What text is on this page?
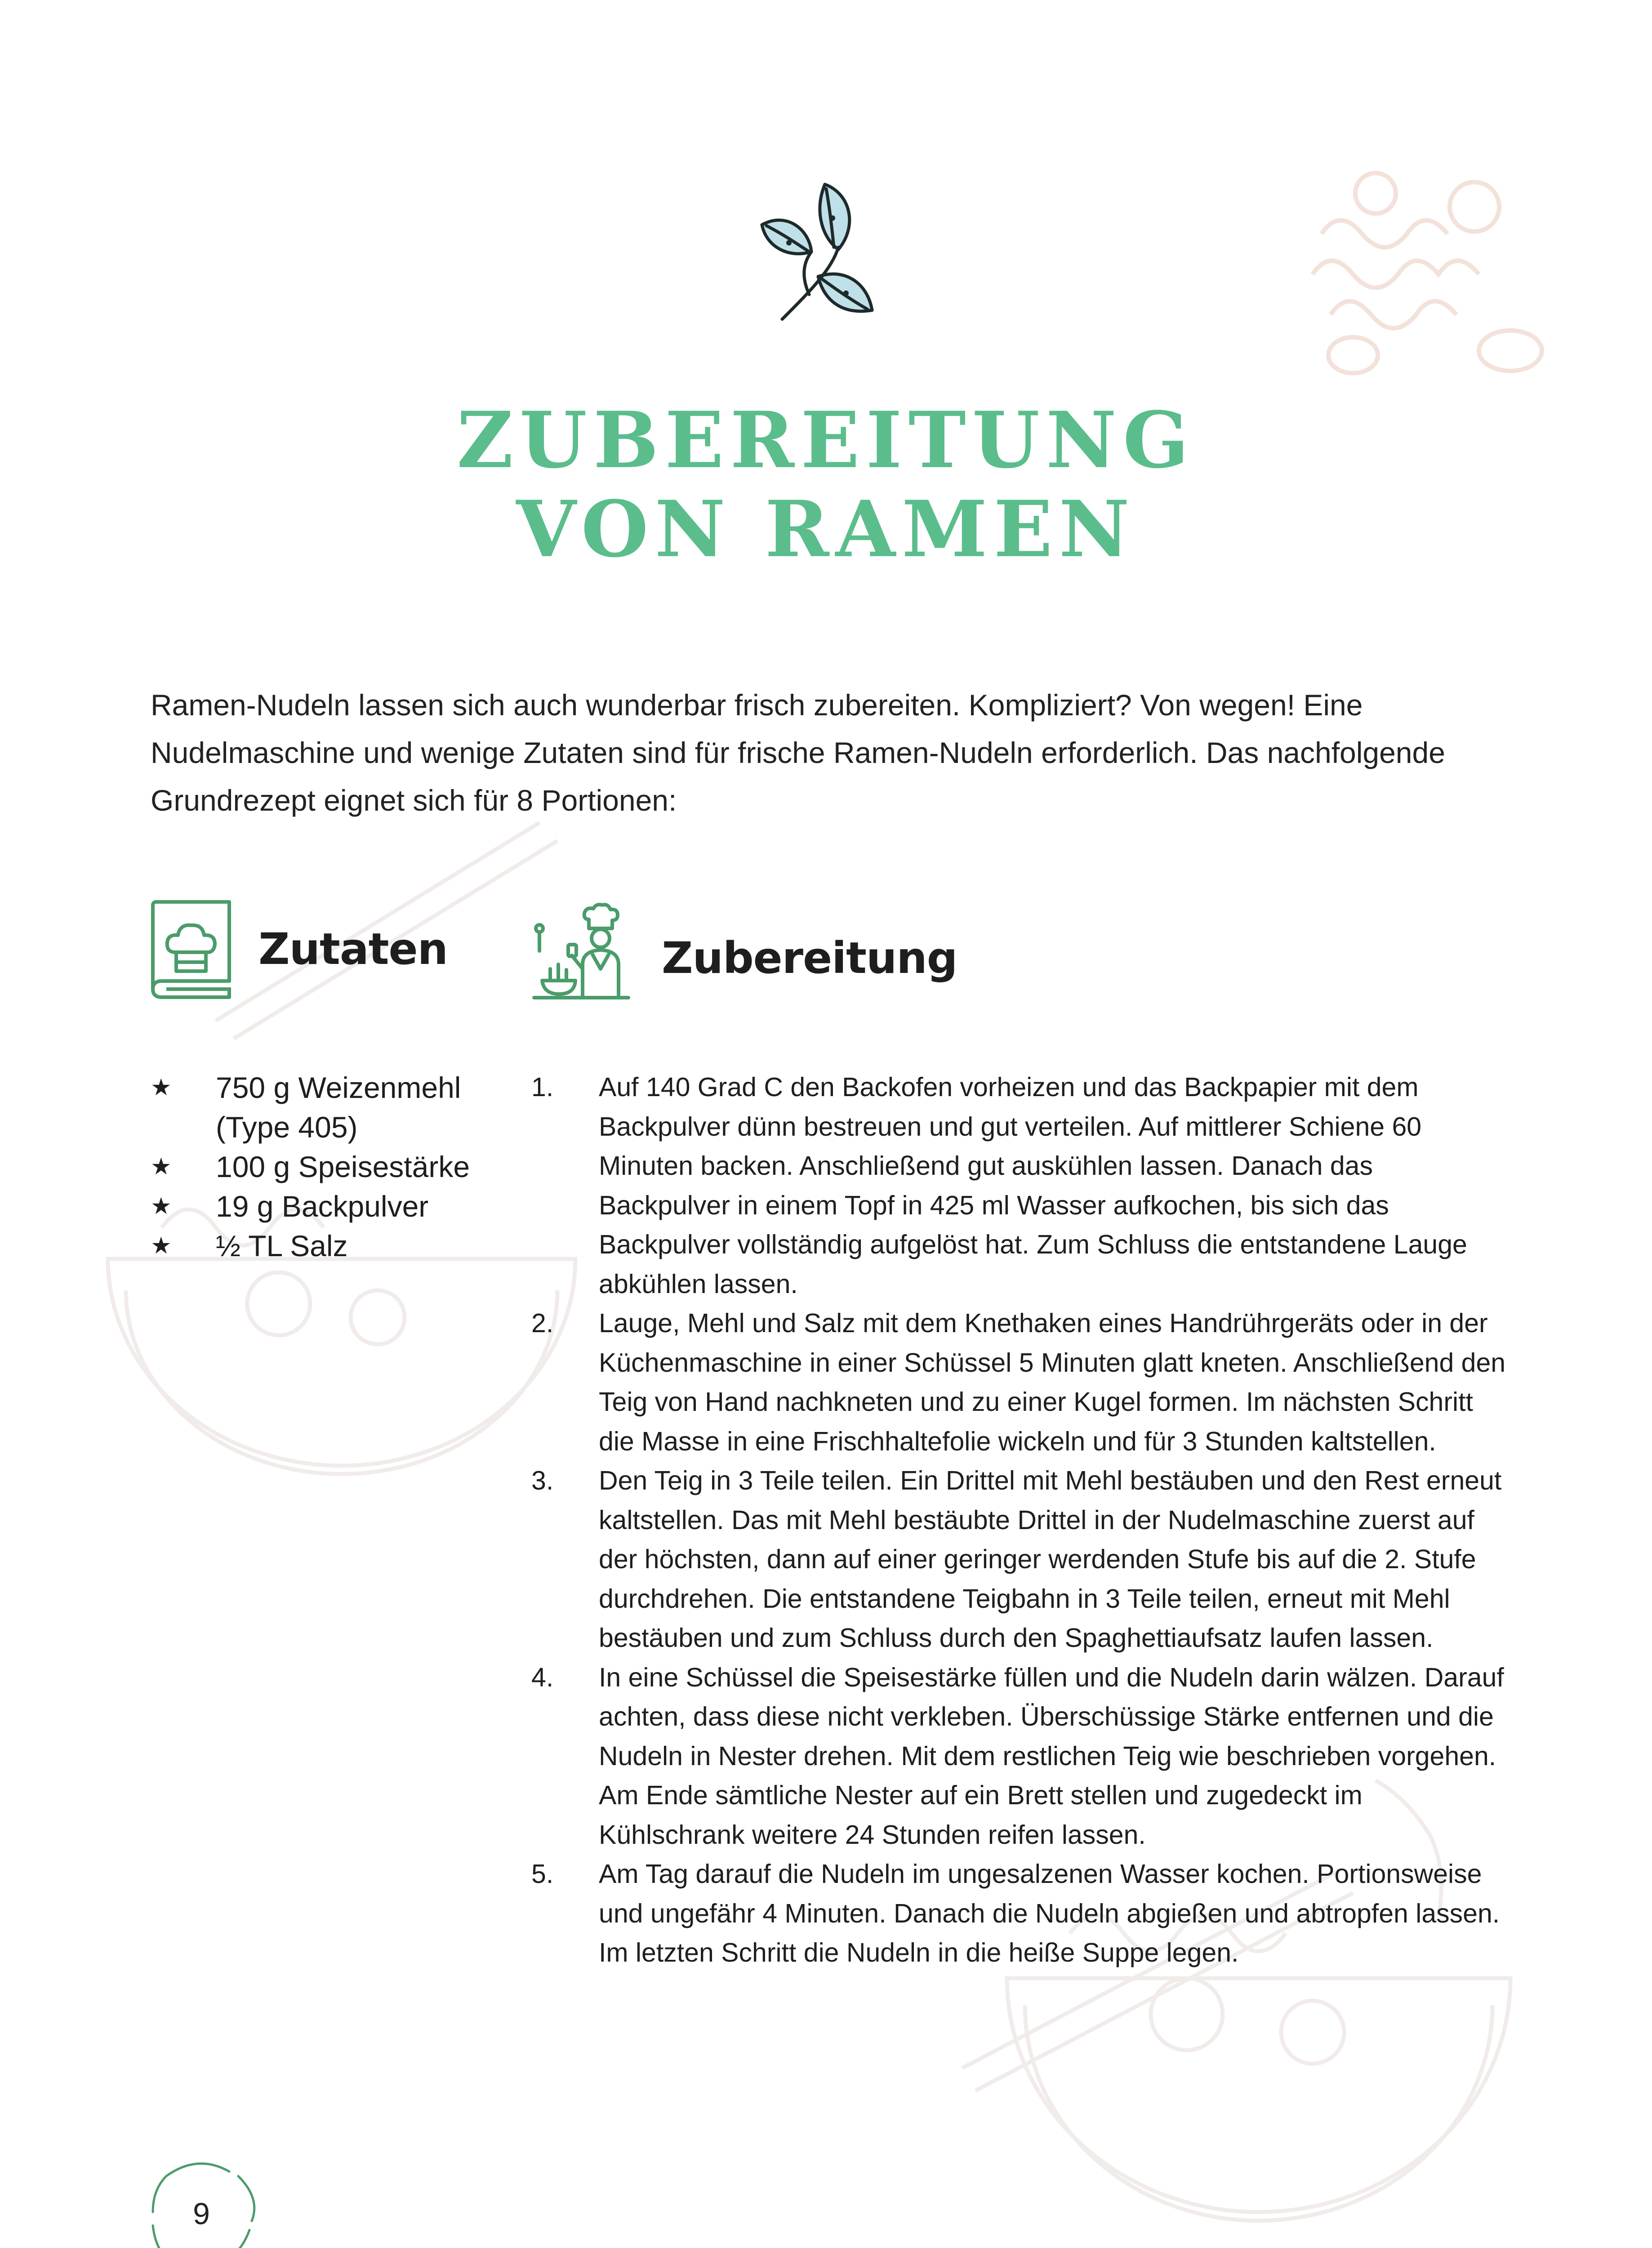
ZUBEREITUNG
VON RAMEN

Ramen-Nudeln lassen sich auch wunderbar frisch zubereiten. Kompliziert? Von wegen! Eine Nudelmaschine und wenige Zutaten sind für frische Ramen-Nudeln erforderlich. Das nachfolgende Grundrezept eignet sich für 8 Portionen:

Zutaten	Zubereitung
★ 750 g Weizenmehl (Type 405)
★ 100 g Speisestärke
★ 19 g Backpulver
★ ½ TL Salz
1. Auf 140 Grad C den Backofen vorheizen und das Backpapier mit dem Backpulver dünn bestreuen und gut verteilen. Auf mittlerer Schiene 60 Minuten backen. Anschließend gut auskühlen lassen. Danach das Backpulver in einem Topf in 425 ml Wasser aufkochen, bis sich das Backpulver vollständig aufgelöst hat. Zum Schluss die entstandene Lauge abkühlen lassen.
2. Lauge, Mehl und Salz mit dem Knethaken eines Handrührgeräts oder in der Küchenmaschine in einer Schüssel 5 Minuten glatt kneten. Anschließend den Teig von Hand nachkneten und zu einer Kugel formen. Im nächsten Schritt die Masse in eine Frischhaltefolie wickeln und für 3 Stunden kaltstellen.
3. Den Teig in 3 Teile teilen. Ein Drittel mit Mehl bestäuben und den Rest erneut kaltstellen. Das mit Mehl bestäubte Drittel in der Nudelmaschine zuerst auf der höchsten, dann auf einer geringer werdenden Stufe bis auf die 2. Stufe durchdrehen. Die entstandene Teigbahn in 3 Teile teilen, erneut mit Mehl bestäuben und zum Schluss durch den Spaghettiaufsatz laufen lassen.
4. In eine Schüssel die Speisestärke füllen und die Nudeln darin wälzen. Darauf achten, dass diese nicht verkleben. Überschüssige Stärke entfernen und die Nudeln in Nester drehen. Mit dem restlichen Teig wie beschrieben vorgehen. Am Ende sämtliche Nester auf ein Brett stellen und zugedeckt im Kühlschrank weitere 24 Stunden reifen lassen.
5. Am Tag darauf die Nudeln im ungesalzenen Wasser kochen. Portionsweise und ungefähr 4 Minuten. Danach die Nudeln abgießen und abtropfen lassen. Im letzten Schritt die Nudeln in die heiße Suppe legen.
9
